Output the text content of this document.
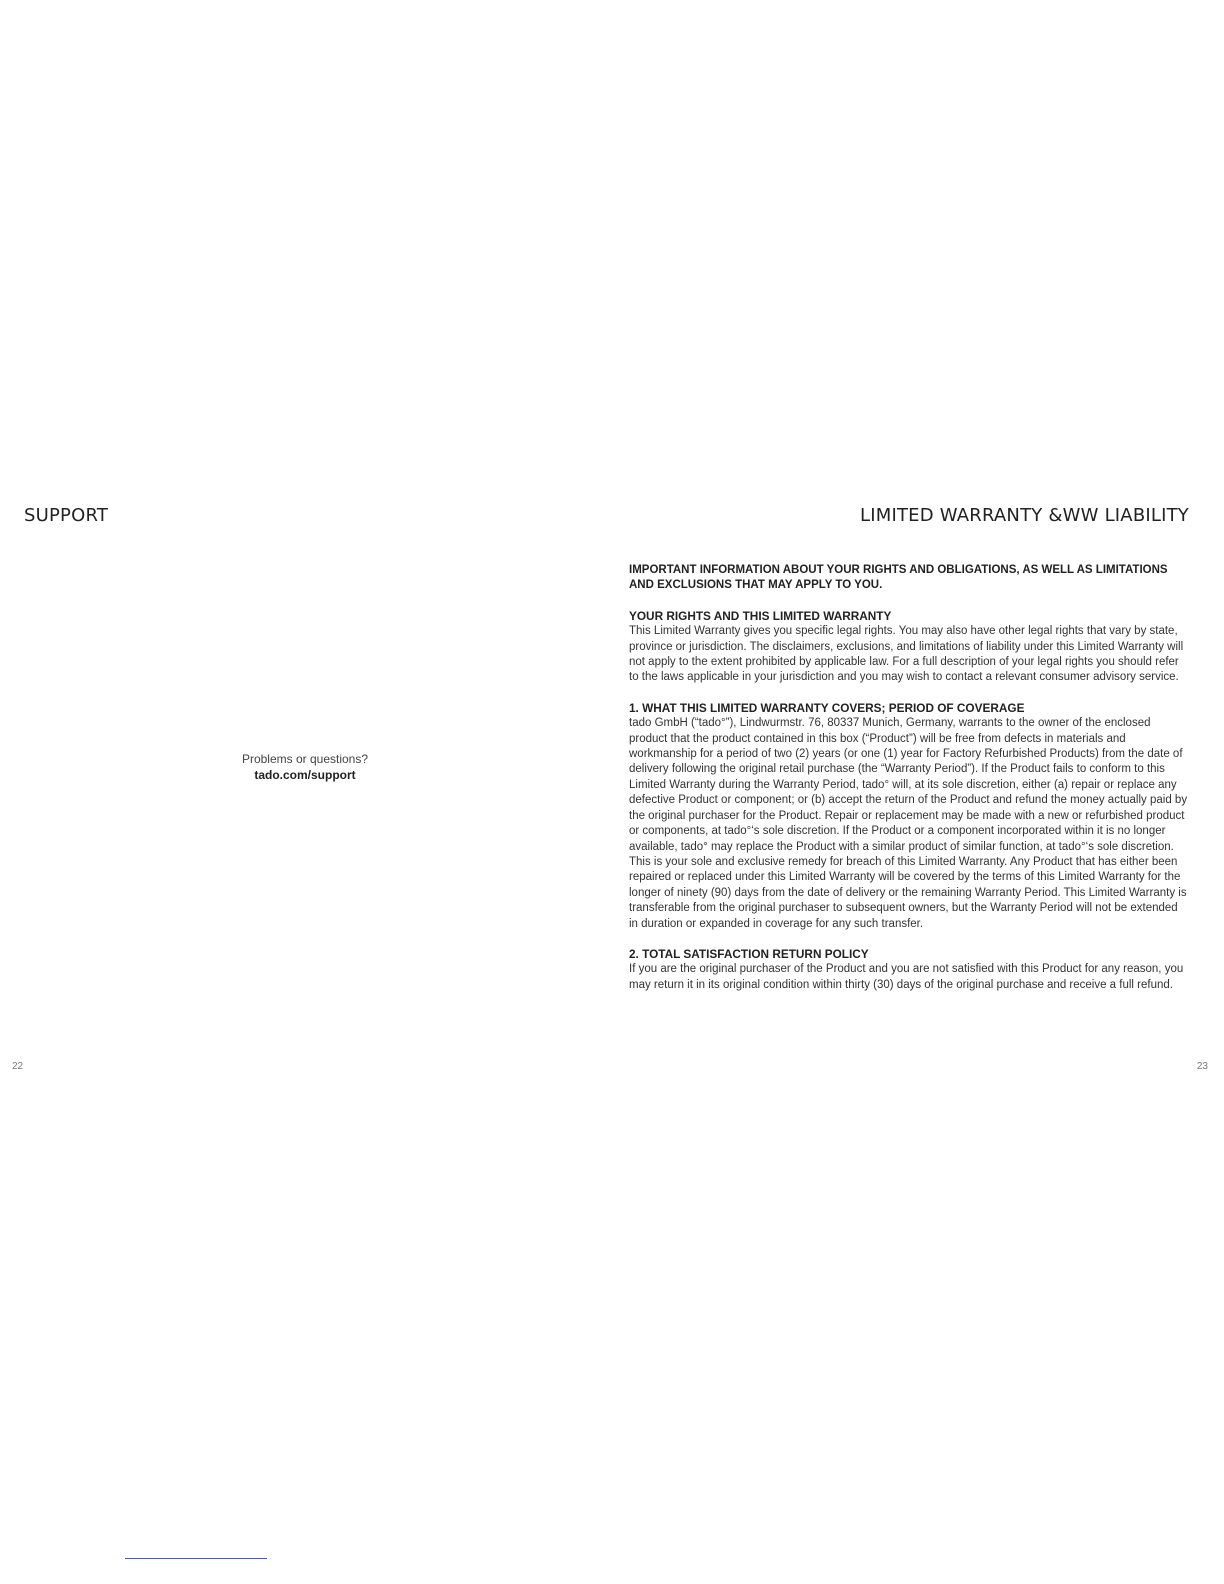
SUPPORT
Problems or questions?
tado.com/support
22
LIMITED WARRANTY &WW LIABILITY

IMPORTANT INFORMATION ABOUT YOUR RIGHTS AND OBLIGATIONS, AS WELL AS LIMITATIONS AND EXCLUSIONS THAT MAY APPLY TO YOU.

YOUR RIGHTS AND THIS LIMITED WARRANTY
This Limited Warranty gives you specific legal rights. You may also have other legal rights that vary by state, province or jurisdiction. The disclaimers, exclusions, and limitations of liability under this Limited Warranty will not apply to the extent prohibited by applicable law. For a full description of your legal rights you should refer to the laws applicable in your jurisdiction and you may wish to contact a relevant consumer advisory service.
1. WHAT THIS LIMITED WARRANTY COVERS; PERIOD OF COVERAGE
tado GmbH (“tado°”), Lindwurmstr. 76, 80337 Munich, Germany, warrants to the owner of the enclosed product that the product contained in this box (“Product”) will be free from defects in materials and workmanship for a period of two (2) years (or one (1) year for Factory Refurbished Products) from the date of delivery following the original retail purchase (the “Warranty Period”). If the Product fails to conform to this Limited Warranty during the Warranty Period, tado° will, at its sole discretion, either (a) repair or replace any defective Product or component; or (b) accept the return of the Product and refund the money actually paid by the original purchaser for the Product. Repair or replacement may be made with a new or refurbished product or components, at tado°‘s sole discretion. If the Product or a component incorporated within it is no longer available, tado° may replace the Product with a similar product of similar function, at tado°‘s sole discretion. This is your sole and exclusive remedy for breach of this Limited Warranty. Any Product that has either been repaired or replaced under this Limited Warranty will be covered by the terms of this Limited Warranty for the longer of ninety (90) days from the date of delivery or the remaining Warranty Period. This Limited Warranty is transferable from the original purchaser to subsequent owners, but the Warranty Period will not be extended in duration or expanded in coverage for any such transfer.
2. TOTAL SATISFACTION RETURN POLICY
If you are the original purchaser of the Product and you are not satisfied with this Product for any reason, you may return it in its original condition within thirty (30) days of the original purchase and receive a full refund.
23
